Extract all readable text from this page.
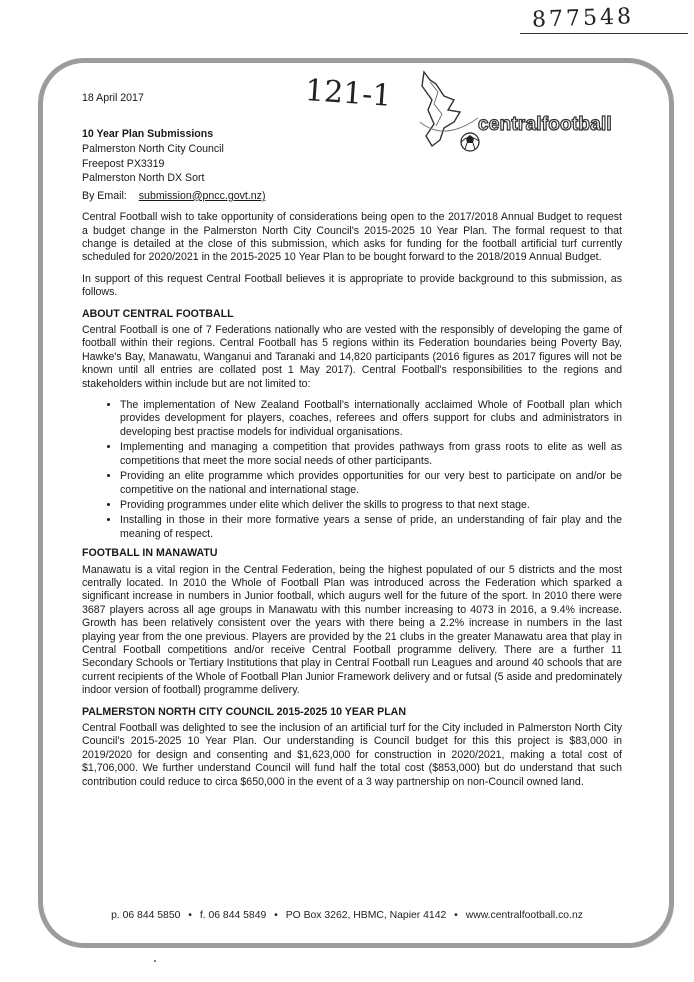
877548
121-1
centralfootball
18 April 2017
10 Year Plan Submissions
Palmerston North City Council
Freepost PX3319
Palmerston North DX Sort
By Email: submission@pncc.govt.nz)

Central Football wish to take opportunity of considerations being open to the 2017/2018 Annual Budget to request a budget change in the Palmerston North City Council's 2015-2025 10 Year Plan. The formal request to that change is detailed at the close of this submission, which asks for funding for the football artificial turf currently scheduled for 2020/2021 in the 2015-2025 10 Year Plan to be bought forward to the 2018/2019 Annual Budget.

In support of this request Central Football believes it is appropriate to provide background to this submission, as follows.

ABOUT CENTRAL FOOTBALL

Central Football is one of 7 Federations nationally who are vested with the responsibly of developing the game of football within their regions. Central Football has 5 regions within its Federation boundaries being Poverty Bay, Hawke's Bay, Manawatu, Wanganui and Taranaki and 14,820 participants (2016 figures as 2017 figures will not be known until all entries are collated post 1 May 2017). Central Football's responsibilities to the regions and stakeholders within include but are not limited to:

• The implementation of New Zealand Football's internationally acclaimed Whole of Football plan which provides development for players, coaches, referees and offers support for clubs and administrators in developing best practise models for individual organisations.
• Implementing and managing a competition that provides pathways from grass roots to elite as well as competitions that meet the more social needs of other participants.
• Providing an elite programme which provides opportunities for our very best to participate on and/or be competitive on the national and international stage.
• Providing programmes under elite which deliver the skills to progress to that next stage.
• Installing in those in their more formative years a sense of pride, an understanding of fair play and the meaning of respect.
FOOTBALL IN MANAWATU

Manawatu is a vital region in the Central Federation, being the highest populated of our 5 districts and the most centrally located. In 2010 the Whole of Football Plan was introduced across the Federation which sparked a significant increase in numbers in Junior football, which augurs well for the future of the sport. In 2010 there were 3687 players across all age groups in Manawatu with this number increasing to 4073 in 2016, a 9.4% increase. Growth has been relatively consistent over the years with there being a 2.2% increase in numbers in the last playing year from the one previous. Players are provided by the 21 clubs in the greater Manawatu area that play in Central Football competitions and/or receive Central Football programme delivery. There are a further 11 Secondary Schools or Tertiary Institutions that play in Central Football run Leagues and around 40 schools that are current recipients of the Whole of Football Plan Junior Framework delivery and or futsal (5 aside and predominately indoor version of football) programme delivery.

PALMERSTON NORTH CITY COUNCIL 2015-2025 10 YEAR PLAN

Central Football was delighted to see the inclusion of an artificial turf for the City included in Palmerston North City Council's 2015-2025 10 Year Plan. Our understanding is Council budget for this this project is $83,000 in 2019/2020 for design and consenting and $1,623,000 for construction in 2020/2021, making a total cost of $1,706,000. We further understand Council will fund half the total cost ($853,000) but do understand that such contribution could reduce to circa $650,000 in the event of a 3 way partnership on non-Council owned land.

p. 06 844 5850 • f. 06 844 5849 • PO Box 3262, HBMC, Napier 4142 • www.centralfootball.co.nz
